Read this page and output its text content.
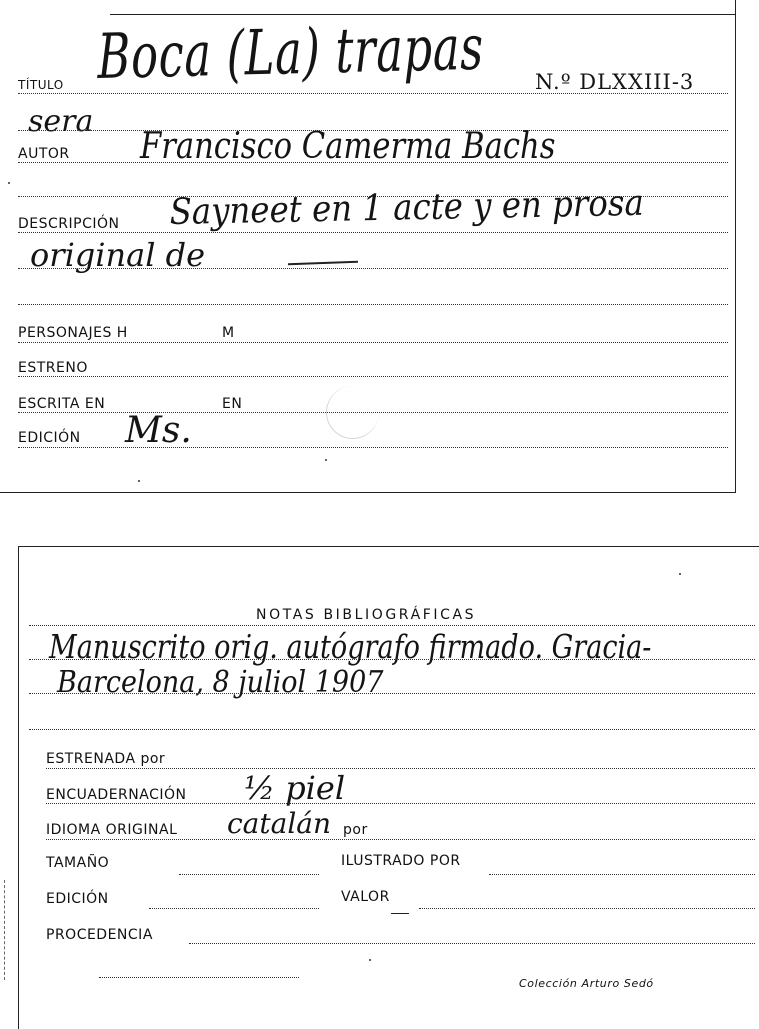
TÍTULO Boca (La) trapas N.º DLXXIII-3
sera
AUTOR Francisco Camerma Bachs
DESCRIPCIÓN Sayneet en 1 acte y en prosa
original de
PERSONAJES H	M
ESTRENO
ESCRITA EN	EN
EDICIÓN Ms.
NOTAS BIBLIOGRÁFICAS
Manuscrito orig. autógrafo firmado. Gracia-
Barcelona, 8 juliol 1907
ESTRENADA por
ENCUADERNACIÓN ½ piel
IDIOMA ORIGINAL catalán por
TAMAÑO	ILUSTRADO POR
EDICIÓN	VALOR
PROCEDENCIA
Colección Arturo Sedó
